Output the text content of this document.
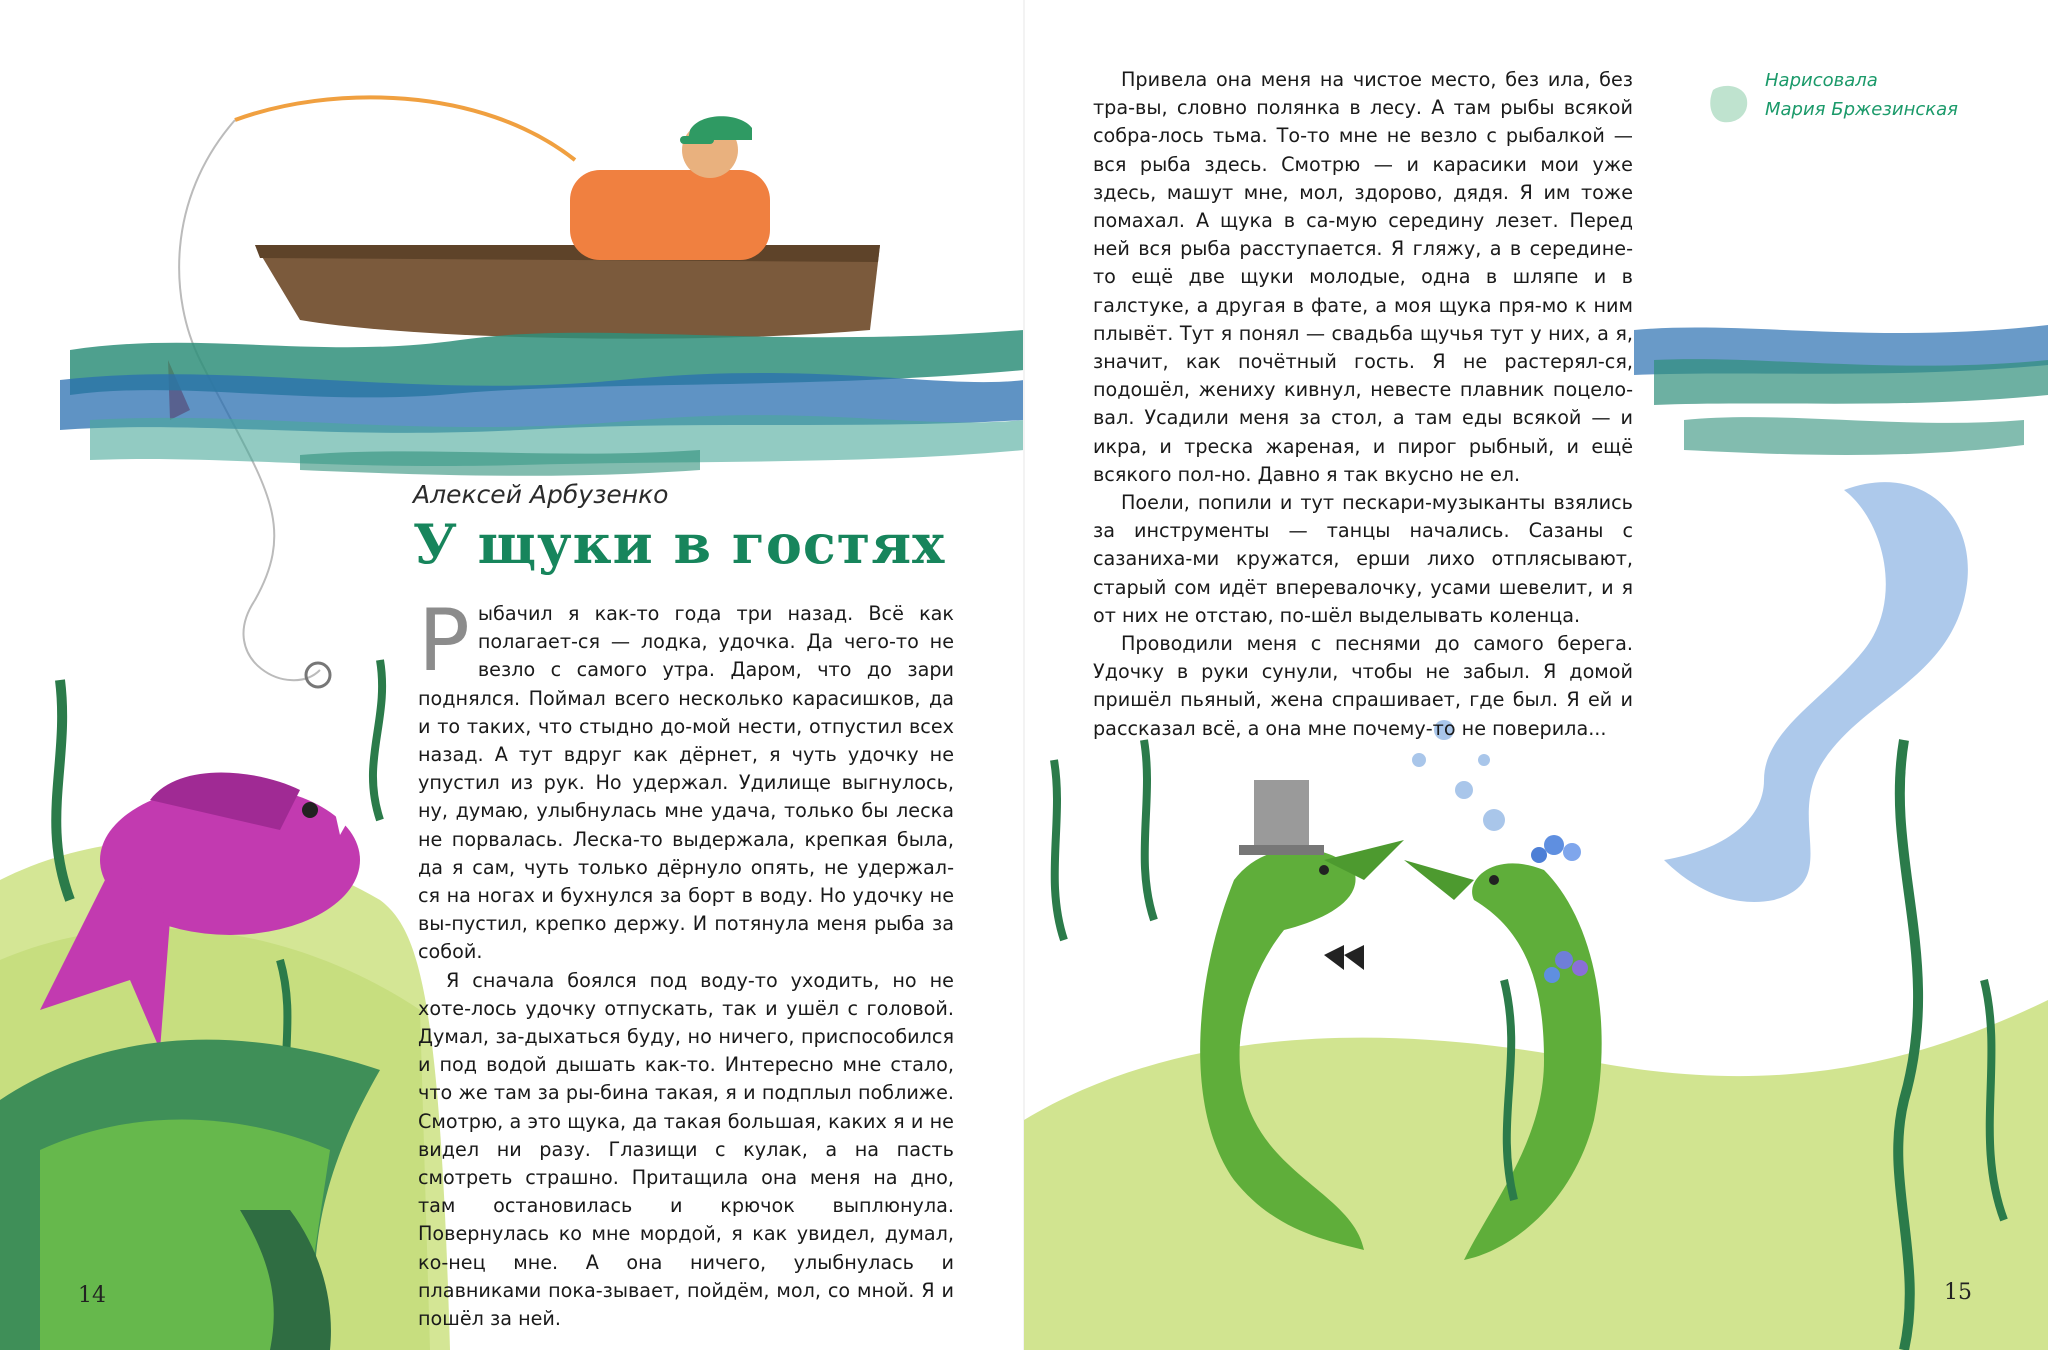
Алексей Арбузенко
У щуки в гостях

Рыбачил я как-то года три назад. Всё как полагает-ся — лодка, удочка. Да чего-то не везло с самого утра. Даром, что до зари поднялся. Поймал всего несколько карасишков, да и то таких, что стыдно до-мой нести, отпустил всех назад. А тут вдруг как дёрнет, я чуть удочку не упустил из рук. Но удержал. Удилище выгнулось, ну, думаю, улыбнулась мне удача, только бы леска не порвалась. Леска-то выдержала, крепкая была, да я сам, чуть только дёрнуло опять, не удержал-ся на ногах и бухнулся за борт в воду. Но удочку не вы-пустил, крепко держу. И потянула меня рыба за собой.

Я сначала боялся под воду-то уходить, но не хоте-лось удочку отпускать, так и ушёл с головой. Думал, за-дыхаться буду, но ничего, приспособился и под водой дышать как-то. Интересно мне стало, что же там за ры-бина такая, я и подплыл поближе. Смотрю, а это щука, да такая большая, каких я и не видел ни разу. Глазищи с кулак, а на пасть смотреть страшно. Притащила она меня на дно, там остановилась и крючок выплюнула. Повернулась ко мне мордой, я как увидел, думал, ко-нец мне. А она ничего, улыбнулась и плавниками пока-зывает, пойдём, мол, со мной. Я и пошёл за ней.

14
Нарисовала
Мария Бржезинская

Привела она меня на чистое место, без ила, без тра-вы, словно полянка в лесу. А там рыбы всякой собра-лось тьма. То-то мне не везло с рыбалкой — вся рыба здесь. Смотрю — и карасики мои уже здесь, машут мне, мол, здорово, дядя. Я им тоже помахал. А щука в са-мую середину лезет. Перед ней вся рыба расступается. Я гляжу, а в середине-то ещё две щуки молодые, одна в шляпе и в галстуке, а другая в фате, а моя щука пря-мо к ним плывёт. Тут я понял — свадьба щучья тут у них, а я, значит, как почётный гость. Я не растерял-ся, подошёл, жениху кивнул, невесте плавник поцело-вал. Усадили меня за стол, а там еды всякой — и икра, и треска жареная, и пирог рыбный, и ещё всякого пол-но. Давно я так вкусно не ел.

Поели, попили и тут пескари-музыканты взялись за инструменты — танцы начались. Сазаны с сазаниха-ми кружатся, ерши лихо отплясывают, старый сом идёт вперевалочку, усами шевелит, и я от них не отстаю, по-шёл выделывать коленца.

Проводили меня с песнями до самого берега. Удочку в руки сунули, чтобы не забыл. Я домой пришёл пьяный, жена спрашивает, где был. Я ей и рассказал всё, а она мне почему-то не поверила...

15
